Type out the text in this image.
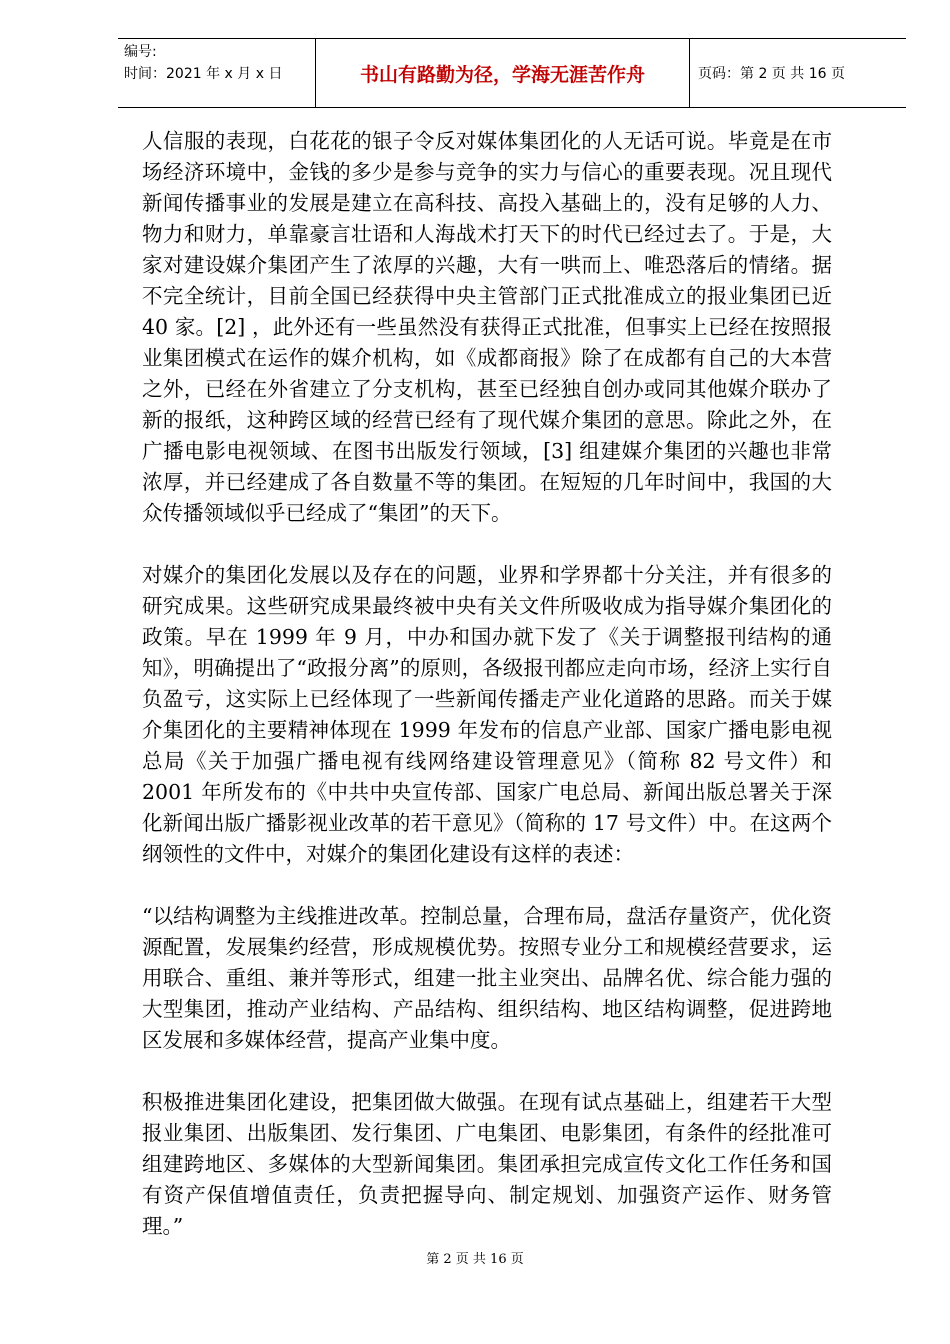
编号:
时间：2021 年 x 月 x 日	书山有路勤为径，学海无涯苦作舟	页码：第 2 页 共 16 页

人信服的表现，白花花的银子令反对媒体集团化的人无话可说。毕竟是在市场经济环境中，金钱的多少是参与竞争的实力与信心的重要表现。况且现代新闻传播事业的发展是建立在高科技、高投入基础上的，没有足够的人力、物力和财力，单靠豪言壮语和人海战术打天下的时代已经过去了。于是，大家对建设媒介集团产生了浓厚的兴趣，大有一哄而上、唯恐落后的情绪。据不完全统计，目前全国已经获得中央主管部门正式批准成立的报业集团已近 40 家。[2] ，此外还有一些虽然没有获得正式批准，但事实上已经在按照报业集团模式在运作的媒介机构，如《成都商报》除了在成都有自己的大本营之外，已经在外省建立了分支机构，甚至已经独自创办或同其他媒介联办了新的报纸，这种跨区域的经营已经有了现代媒介集团的意思。除此之外，在广播电影电视领域、在图书出版发行领域，[3] 组建媒介集团的兴趣也非常浓厚，并已经建成了各自数量不等的集团。在短短的几年时间中，我国的大众传播领域似乎已经成了“集团”的天下。

对媒介的集团化发展以及存在的问题，业界和学界都十分关注，并有很多的研究成果。这些研究成果最终被中央有关文件所吸收成为指导媒介集团化的政策。早在 1999 年 9 月，中办和国办就下发了《关于调整报刊结构的通知》，明确提出了“政报分离”的原则，各级报刊都应走向市场，经济上实行自负盈亏，这实际上已经体现了一些新闻传播走产业化道路的思路。而关于媒介集团化的主要精神体现在 1999 年发布的信息产业部、国家广播电影电视总局《关于加强广播电视有线网络建设管理意见》（简称 82 号文件）和 2001 年所发布的《中共中央宣传部、国家广电总局、新闻出版总署关于深化新闻出版广播影视业改革的若干意见》（简称的 17 号文件）中。在这两个纲领性的文件中，对媒介的集团化建设有这样的表述：

“以结构调整为主线推进改革。控制总量，合理布局，盘活存量资产，优化资源配置，发展集约经营，形成规模优势。按照专业分工和规模经营要求，运用联合、重组、兼并等形式，组建一批主业突出、品牌名优、综合能力强的大型集团，推动产业结构、产品结构、组织结构、地区结构调整，促进跨地区发展和多媒体经营，提高产业集中度。

积极推进集团化建设，把集团做大做强。在现有试点基础上，组建若干大型报业集团、出版集团、发行集团、广电集团、电影集团，有条件的经批准可组建跨地区、多媒体的大型新闻集团。集团承担完成宣传文化工作任务和国有资产保值增值责任，负责把握导向、制定规划、加强资产运作、财务管理。”

第 2 页 共 16 页
